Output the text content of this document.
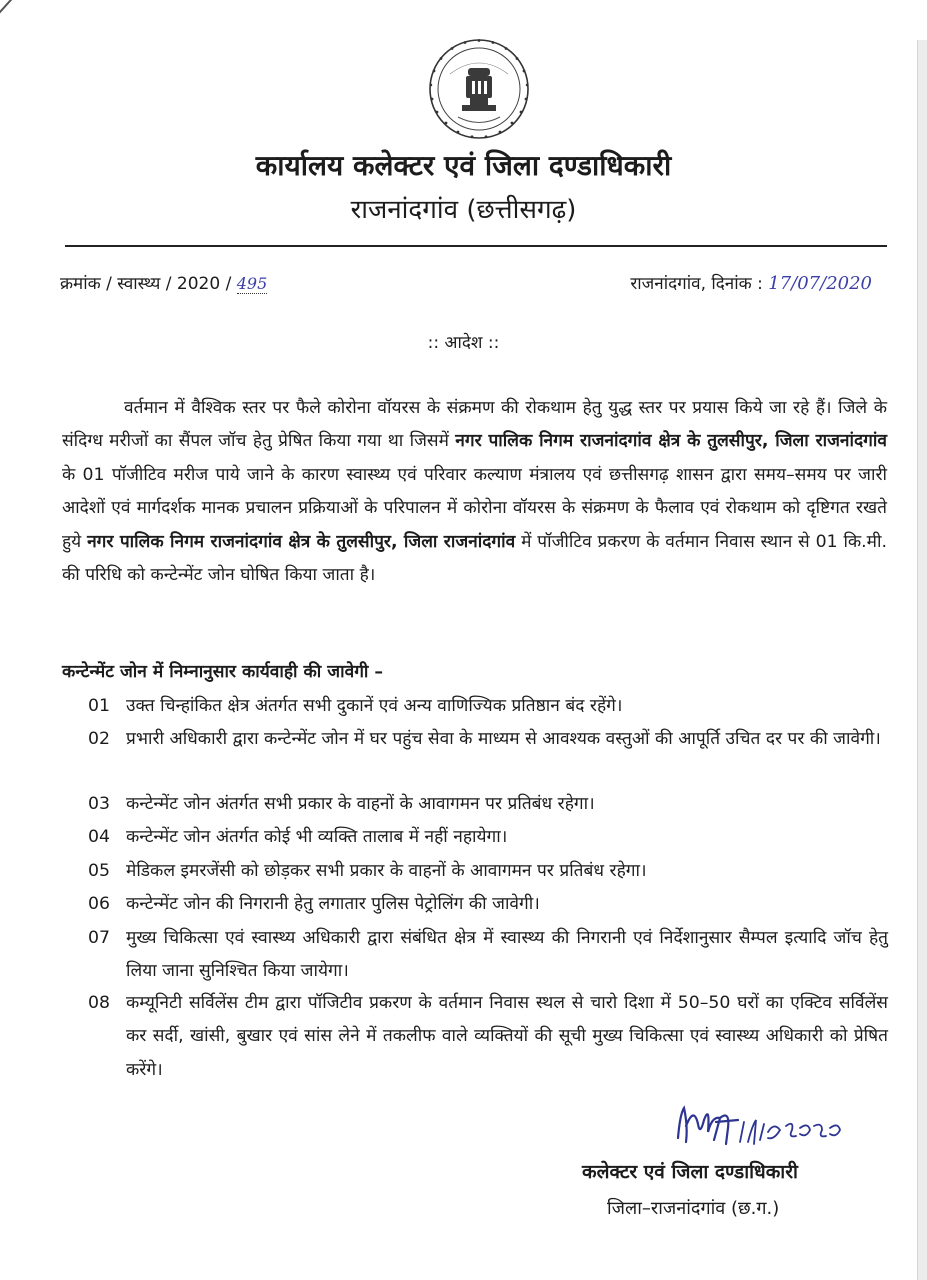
कार्यालय कलेक्टर एवं जिला दण्डाधिकारी
राजनांदगांव (छत्तीसगढ़)
क्रमांक / स्वास्थ्य / 2020 / 495	राजनांदगांव, दिनांक : 17/07/2020
:: आदेश ::
वर्तमान में वैश्विक स्तर पर फैले कोरोना वॉयरस के संक्रमण की रोकथाम हेतु युद्ध स्तर पर प्रयास किये जा रहे हैं। जिले के संदिग्ध मरीजों का सैंपल जॉच हेतु प्रेषित किया गया था जिसमें नगर पालिक निगम राजनांदगांव क्षेत्र के तुलसीपुर, जिला राजनांदगांव के 01 पॉजीटिव मरीज पाये जाने के कारण स्वास्थ्य एवं परिवार कल्याण मंत्रालय एवं छत्तीसगढ़ शासन द्वारा समय–समय पर जारी आदेशों एवं मार्गदर्शक मानक प्रचालन प्रक्रियाओं के परिपालन में कोरोना वॉयरस के संक्रमण के फैलाव एवं रोकथाम को दृष्टिगत रखते हुये नगर पालिक निगम राजनांदगांव क्षेत्र के तुलसीपुर, जिला राजनांदगांव में पॉजीटिव प्रकरण के वर्तमान निवास स्थान से 01 कि.मी. की परिधि को कन्टेन्मेंट जोन घोषित किया जाता है।
कन्टेन्मेंट जोन में निम्नानुसार कार्यवाही की जावेगी –
01 उक्त चिन्हांकित क्षेत्र अंतर्गत सभी दुकानें एवं अन्य वाणिज्यिक प्रतिष्ठान बंद रहेंगे।
02 प्रभारी अधिकारी द्वारा कन्टेन्मेंट जोन में घर पहुंच सेवा के माध्यम से आवश्यक वस्तुओं की आपूर्ति उचित दर पर की जावेगी।
03 कन्टेन्मेंट जोन अंतर्गत सभी प्रकार के वाहनों के आवागमन पर प्रतिबंध रहेगा।
04 कन्टेन्मेंट जोन अंतर्गत कोई भी व्यक्ति तालाब में नहीं नहायेगा।
05 मेडिकल इमरजेंसी को छोड़कर सभी प्रकार के वाहनों के आवागमन पर प्रतिबंध रहेगा।
06 कन्टेन्मेंट जोन की निगरानी हेतु लगातार पुलिस पेट्रोलिंग की जावेगी।
07 मुख्य चिकित्सा एवं स्वास्थ्य अधिकारी द्वारा संबंधित क्षेत्र में स्वास्थ्य की निगरानी एवं निर्देशानुसार सैम्पल इत्यादि जॉच हेतु लिया जाना सुनिश्चित किया जायेगा।
08 कम्यूनिटी सर्विलेंस टीम द्वारा पॉजिटीव प्रकरण के वर्तमान निवास स्थल से चारो दिशा में 50–50 घरों का एक्टिव सर्विलेंस कर सर्दी, खांसी, बुखार एवं सांस लेने में तकलीफ वाले व्यक्तियों की सूची मुख्य चिकित्सा एवं स्वास्थ्य अधिकारी को प्रेषित करेंगे।
कलेक्टर एवं जिला दण्डाधिकारी
जिला–राजनांदगांव (छ.ग.)
